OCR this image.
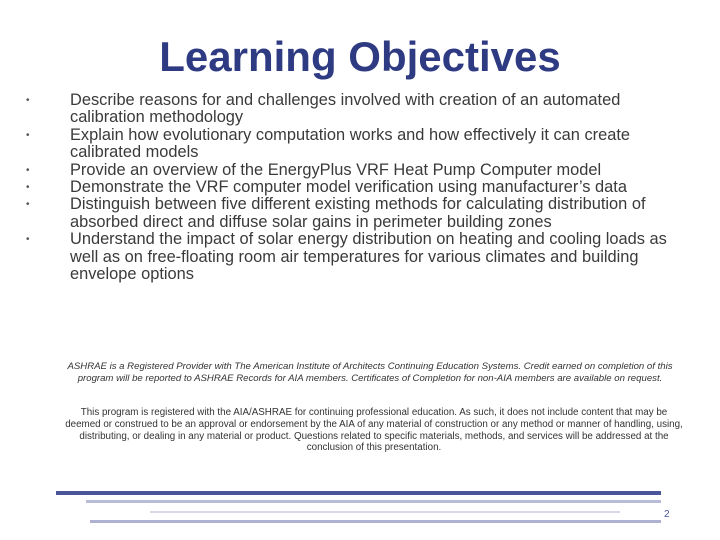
Learning Objectives
• Describe reasons for and challenges involved with creation of an automated calibration methodology
• Explain how evolutionary computation works and how effectively it can create calibrated models
• Provide an overview of the EnergyPlus VRF Heat Pump Computer model
• Demonstrate the VRF computer model verification using manufacturer’s data
• Distinguish between five different existing methods for calculating distribution of absorbed direct and diffuse solar gains in perimeter building zones
• Understand the impact of solar energy distribution on heating and cooling loads as well as on free-floating room air temperatures for various climates and building envelope options
ASHRAE is a Registered Provider with The American Institute of Architects Continuing Education Systems. Credit earned on completion of this program will be reported to ASHRAE Records for AIA members. Certificates of Completion for non-AIA members are available on request.
This program is registered with the AIA/ASHRAE for continuing professional education. As such, it does not include content that may be deemed or construed to be an approval or endorsement by the AIA of any material of construction or any method or manner of handling, using, distributing, or dealing in any material or product. Questions related to specific materials, methods, and services will be addressed at the conclusion of this presentation.
2
